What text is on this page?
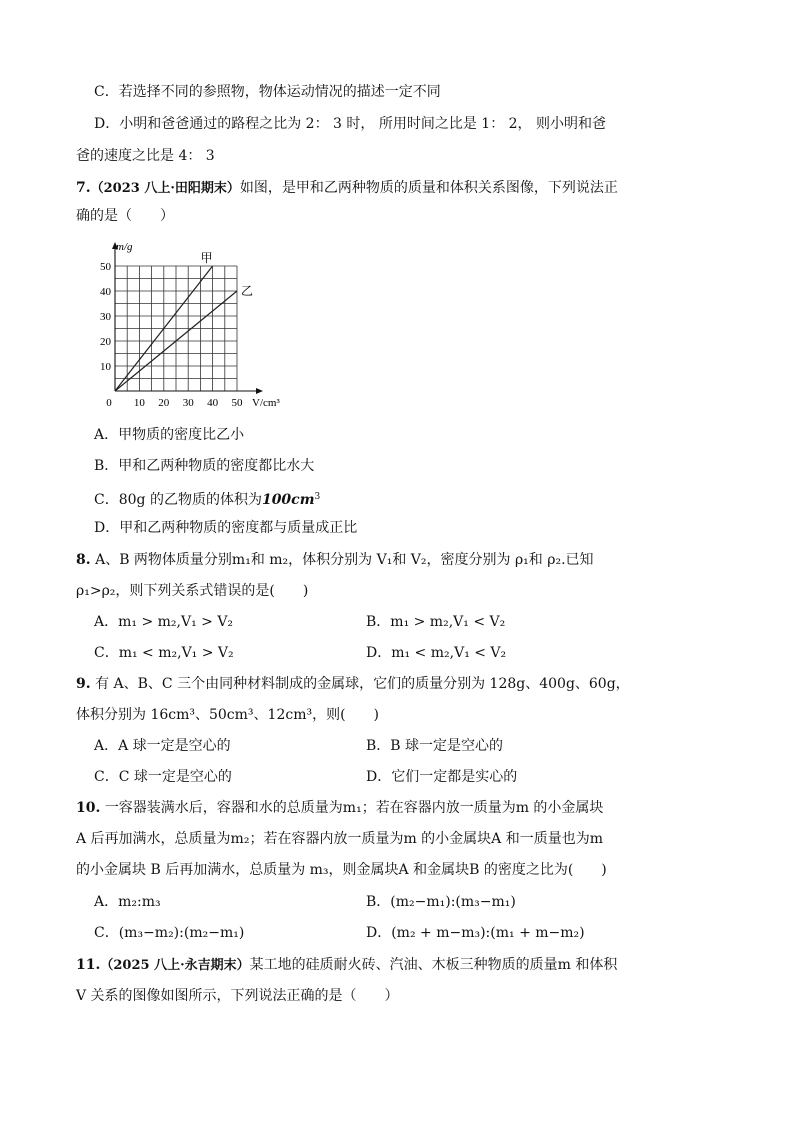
C．若选择不同的参照物，物体运动情况的描述一定不同
D．小明和爸爸通过的路程之比为 2： 3 时， 所用时间之比是 1： 2， 则小明和爸
爸的速度之比是 4： 3
7.（2023 八上·田阳期末）如图，是甲和乙两种物质的质量和体积关系图像，下列说法正
确的是（　　）
0 10 20 30 40 50
10
20
30
40
50
甲
乙
m/g
V/cm³
A．甲物质的密度比乙小
B．甲和乙两种物质的密度都比水大
C．80g 的乙物质的体积为$100cm^3$
D．甲和乙两种物质的密度都与质量成正比
8. A、B 两物体质量分别m₁和 m₂，体积分别为 V₁和 V₂，密度分别为 ρ₁和 ρ₂.已知
ρ₁>ρ₂，则下列关系式错误的是(　　)
A．m₁ > m₂,V₁ > V₂	B．m₁ > m₂,V₁ < V₂
C．m₁ < m₂,V₁ > V₂	D．m₁ < m₂,V₁ < V₂
9. 有 A、B、C 三个由同种材料制成的金属球，它们的质量分别为 128g、400g、60g，
体积分别为 16cm³、50cm³、12cm³，则(　　)
A．A 球一定是空心的	B．B 球一定是空心的
C．C 球一定是空心的	D．它们一定都是实心的
10. 一容器装满水后，容器和水的总质量为m₁；若在容器内放一质量为m 的小金属块
A 后再加满水，总质量为m₂；若在容器内放一质量为m 的小金属块A 和一质量也为m
的小金属块 B 后再加满水，总质量为 m₃，则金属块A 和金属块B 的密度之比为(　　)
A．m₂:m₃	B．(m₂−m₁):(m₃−m₁)
C．(m₃−m₂):(m₂−m₁)	D．(m₂ + m−m₃):(m₁ + m−m₂)
11.（2025 八上·永吉期末）某工地的硅质耐火砖、汽油、木板三种物质的质量m 和体积
V 关系的图像如图所示，下列说法正确的是（　　）
